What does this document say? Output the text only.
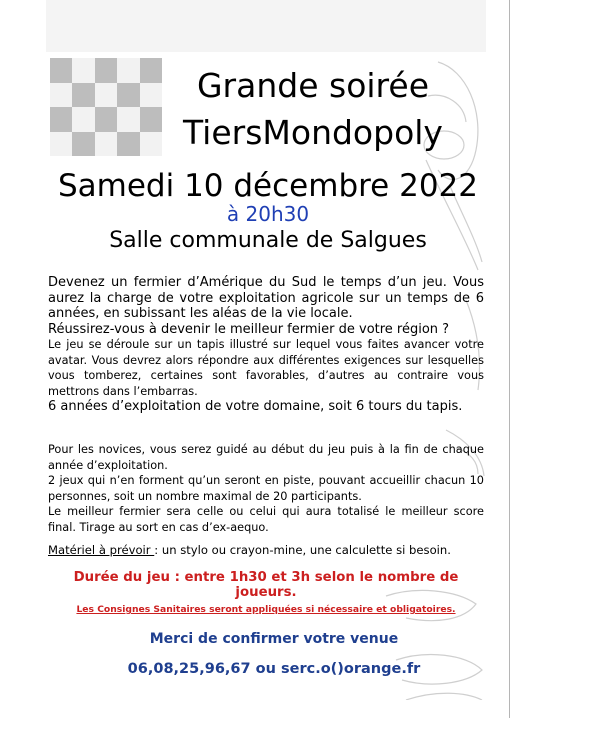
Grande soirée
TiersMondopoly
Samedi 10 décembre 2022
à 20h30
Salle communale de Salgues

Devenez un fermier d’Amérique du Sud le temps d’un jeu. Vous aurez la charge de votre exploitation agricole sur un temps de 6 années, en subissant les aléas de la vie locale.

Réussirez-vous à devenir le meilleur fermier de votre région ?

Le jeu se déroule sur un tapis illustré sur lequel vous faites avancer votre avatar. Vous devrez alors répondre aux différentes exigences sur lesquelles vous tomberez, certaines sont favorables, d’autres au contraire vous mettrons dans l’embarras.

6 années d’exploitation de votre domaine, soit 6 tours du tapis.

Pour les novices, vous serez guidé au début du jeu puis à la fin de chaque année d’exploitation.

2 jeux qui n’en forment qu’un seront en piste, pouvant accueillir chacun 10 personnes, soit un nombre maximal de 20 participants.

Le meilleur fermier sera celle ou celui qui aura totalisé le meilleur score final. Tirage au sort en cas d’ex-aequo.

Matériel à prévoir : un stylo ou crayon-mine, une calculette si besoin.
Durée du jeu : entre 1h30 et 3h selon le nombre de joueurs.
Les Consignes Sanitaires seront appliquées si nécessaire et obligatoires.
Merci de confirmer votre venue
06,08,25,96,67 ou serc.o()orange.fr
